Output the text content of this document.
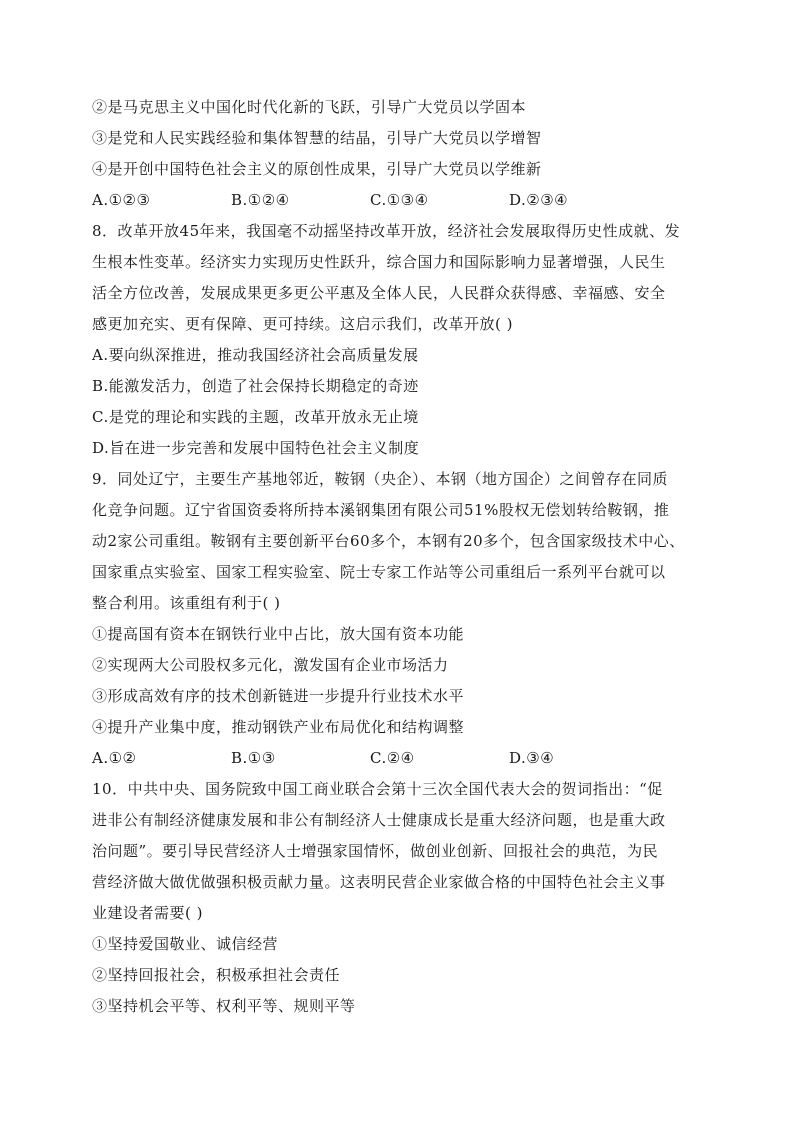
②是马克思主义中国化时代化新的飞跃，引导广大党员以学固本
③是党和人民实践经验和集体智慧的结晶，引导广大党员以学增智
④是开创中国特色社会主义的原创性成果，引导广大党员以学维新
A.①②③	B.①②④	C.①③④	D.②③④
8．改革开放45年来，我国毫不动摇坚持改革开放，经济社会发展取得历史性成就、发
生根本性变革。经济实力实现历史性跃升，综合国力和国际影响力显著增强，人民生
活全方位改善，发展成果更多更公平惠及全体人民，人民群众获得感、幸福感、安全
感更加充实、更有保障、更可持续。这启示我们，改革开放( )
A.要向纵深推进，推动我国经济社会高质量发展
B.能激发活力，创造了社会保持长期稳定的奇迹
C.是党的理论和实践的主题，改革开放永无止境
D.旨在进一步完善和发展中国特色社会主义制度
9．同处辽宁，主要生产基地邻近，鞍钢（央企）、本钢（地方国企）之间曾存在同质
化竞争问题。辽宁省国资委将所持本溪钢集团有限公司51%股权无偿划转给鞍钢，推
动2家公司重组。鞍钢有主要创新平台60多个，本钢有20多个，包含国家级技术中心、
国家重点实验室、国家工程实验室、院士专家工作站等公司重组后一系列平台就可以
整合利用。该重组有利于( )
①提高国有资本在钢铁行业中占比，放大国有资本功能
②实现两大公司股权多元化，激发国有企业市场活力
③形成高效有序的技术创新链进一步提升行业技术水平
④提升产业集中度，推动钢铁产业布局优化和结构调整
A.①②	B.①③	C.②④	D.③④
10．中共中央、国务院致中国工商业联合会第十三次全国代表大会的贺词指出：“促
进非公有制经济健康发展和非公有制经济人士健康成长是重大经济问题，也是重大政
治问题”。要引导民营经济人士增强家国情怀，做创业创新、回报社会的典范，为民
营经济做大做优做强积极贡献力量。这表明民营企业家做合格的中国特色社会主义事
业建设者需要( )
①坚持爱国敬业、诚信经营
②坚持回报社会，积极承担社会责任
③坚持机会平等、权利平等、规则平等
